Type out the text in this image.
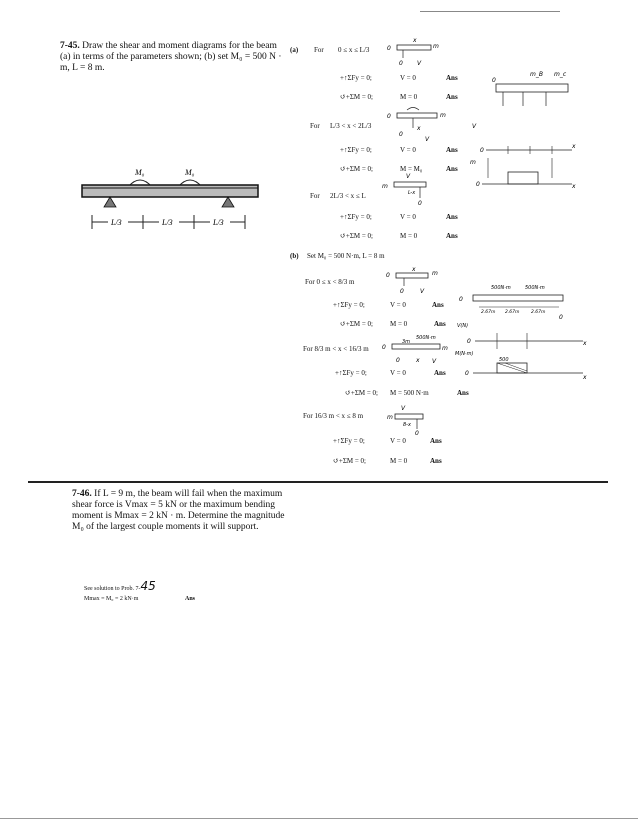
7-45. Draw the shear and moment diagrams for the beam (a) in terms of the parameters shown; (b) set M₀ = 500 N · m, L = 8 m.
M₀	M₀
L/3	L/3	L/3
(a) For 0 ≤ x ≤ L/3
+↑ΣFy = 0;	V = 0	Ans
↺+ΣM = 0;	M = 0	Ans
For L/3 < x < 2L/3
+↑ΣFy = 0;	V = 0	Ans
↺+ΣM = 0;	M = M₀	Ans
For 2L/3 < x ≤ L
+↑ΣFy = 0;	V = 0	Ans
↺+ΣM = 0;	M = 0	Ans
x
0	m
0 V
0	m
0
x
V
V
m
L-x
0
0
m_B m_c
V
0
x
m
0	x
(b) Set M₀ = 500 N·m, L = 8 m
For 0 ≤ x < 8/3 m
+↑ΣFy = 0;	V = 0	Ans
↺+ΣM = 0; M = 0	Ans
For 8/3 m < x < 16/3 m
+↑ΣFy = 0;	V = 0	Ans
↺+ΣM = 0; M = 500 N·m	Ans
For 16/3 m < x ≤ 8 m
+↑ΣFy = 0;	V = 0	Ans
↺+ΣM = 0;	M = 0	Ans
x
0	m
0	V
500N·m
0
3m
m
0	x V
V
m
8-x
0
500N·m	500N·m
0
2.67m 2.67m	2.67m
0
V(N)
0	x
M(N·m)
500
0
x
7-46. If L = 9 m, the beam will fail when the maximum shear force is Vmax = 5 kN or the maximum bending moment is Mmax = 2 kN · m. Determine the magnitude M₀ of the largest couple moments it will support.
See solution to Prob. 7-45
Mmax = M₀ = 2 kN·m	Ans
